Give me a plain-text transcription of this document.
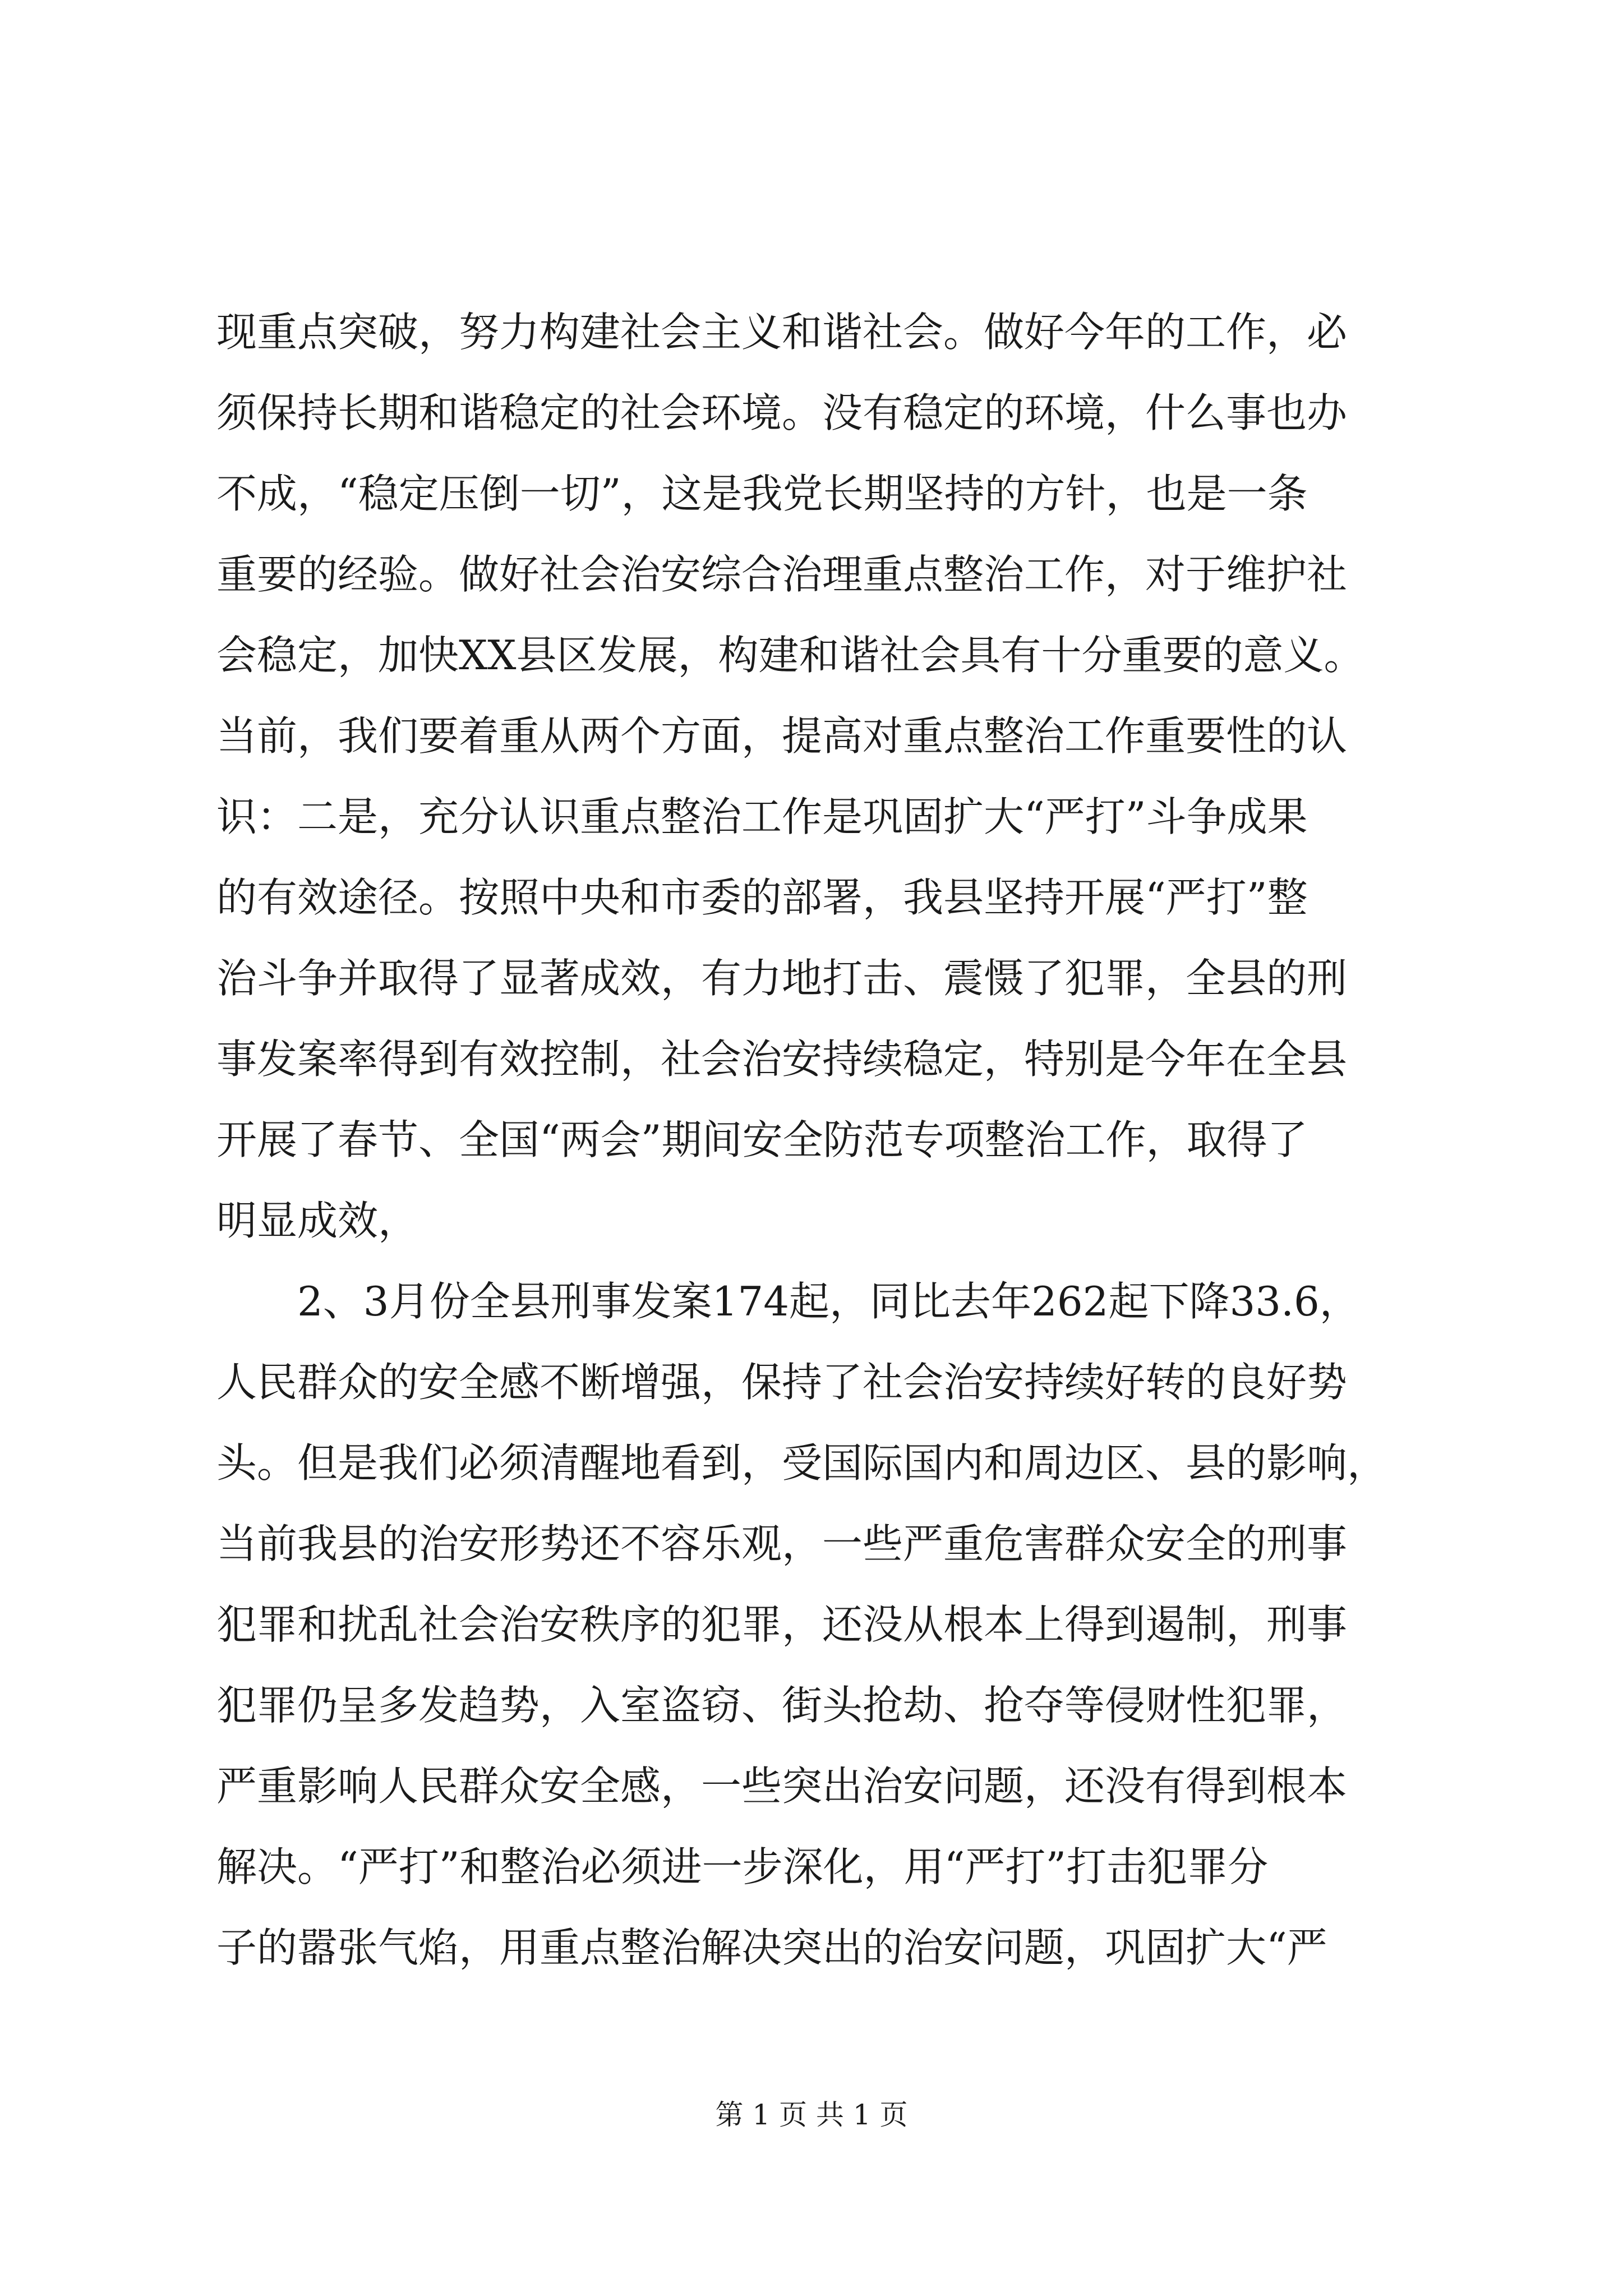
现重点突破，努力构建社会主义和谐社会。做好今年的工作，必
须保持长期和谐稳定的社会环境。没有稳定的环境，什么事也办
不成，“稳定压倒一切”，这是我党长期坚持的方针，也是一条
重要的经验。做好社会治安综合治理重点整治工作，对于维护社
会稳定，加快XX县区发展，构建和谐社会具有十分重要的意义。
当前，我们要着重从两个方面，提高对重点整治工作重要性的认
识：二是，充分认识重点整治工作是巩固扩大“严打”斗争成果
的有效途径。按照中央和市委的部署，我县坚持开展“严打”整
治斗争并取得了显著成效，有力地打击、震慑了犯罪，全县的刑
事发案率得到有效控制，社会治安持续稳定，特别是今年在全县
开展了春节、全国“两会”期间安全防范专项整治工作，取得了
明显成效，
2、3月份全县刑事发案174起，同比去年262起下降33.6，
人民群众的安全感不断增强，保持了社会治安持续好转的良好势
头。但是我们必须清醒地看到，受国际国内和周边区、县的影响，
当前我县的治安形势还不容乐观，一些严重危害群众安全的刑事
犯罪和扰乱社会治安秩序的犯罪，还没从根本上得到遏制，刑事
犯罪仍呈多发趋势，入室盗窃、街头抢劫、抢夺等侵财性犯罪，
严重影响人民群众安全感，一些突出治安问题，还没有得到根本
解决。“严打”和整治必须进一步深化，用“严打”打击犯罪分
子的嚣张气焰，用重点整治解决突出的治安问题，巩固扩大“严
第 1 页 共 1 页
